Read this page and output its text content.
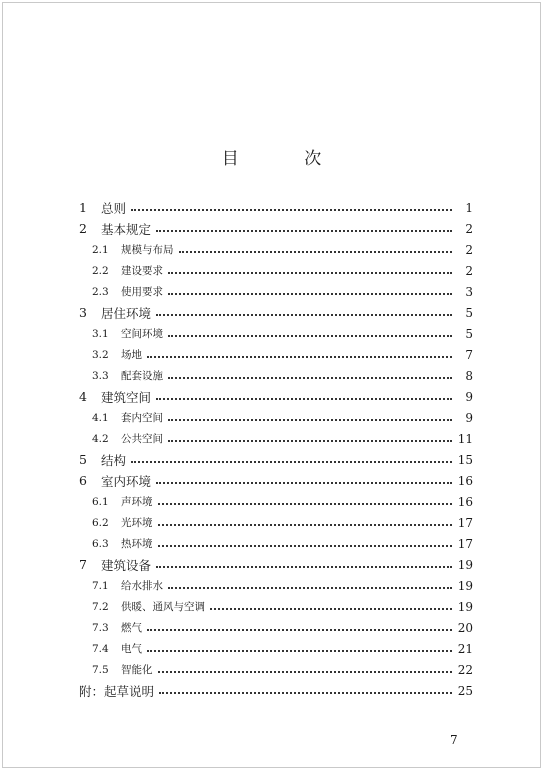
目 次
1	总则	1
2	基本规定	2
2.1	规模与布局	2
2.2	建设要求	2
2.3	使用要求	3
3	居住环境	5
3.1	空间环境	5
3.2	场地	7
3.3	配套设施	8
4	建筑空间	9
4.1	套内空间	9
4.2	公共空间	11
5	结构	15
6	室内环境	16
6.1	声环境	16
6.2	光环境	17
6.3	热环境	17
7	建筑设备	19
7.1	给水排水	19
7.2	供暖、通风与空调	19
7.3	燃气	20
7.4	电气	21
7.5	智能化	22
附：起草说明	25
7
